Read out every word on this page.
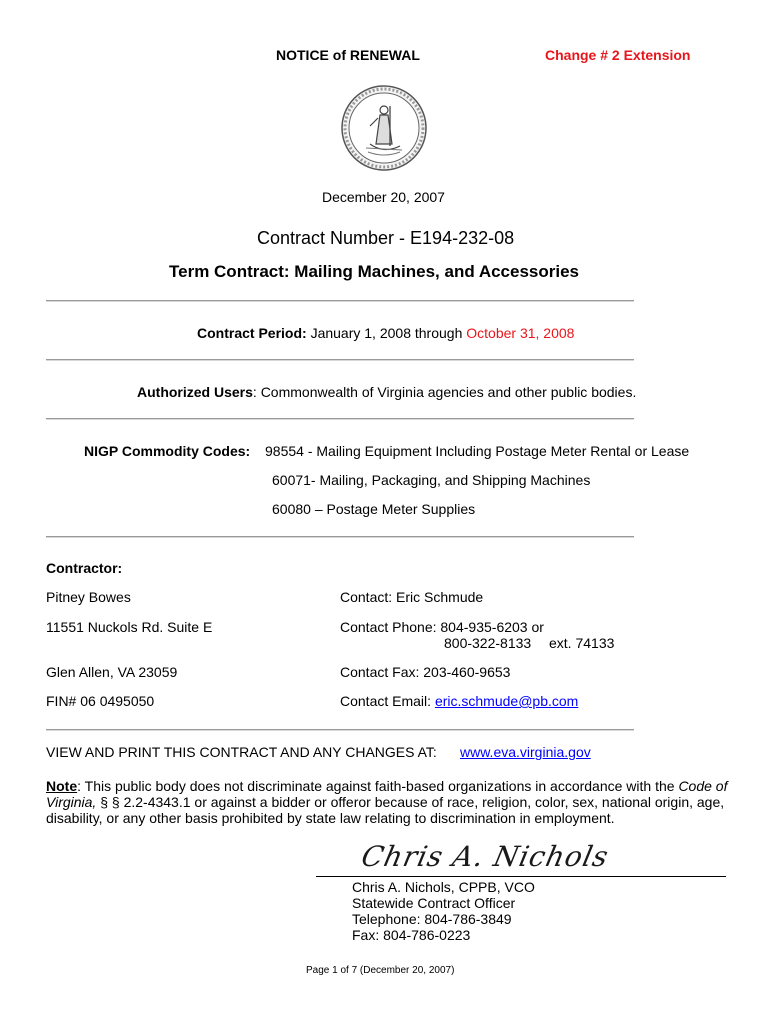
NOTICE of RENEWAL	Change # 2 Extension
December 20, 2007
Contract Number - E194-232-08
Term Contract: Mailing Machines, and Accessories
Contract Period: January 1, 2008 through October 31, 2008
Authorized Users: Commonwealth of Virginia agencies and other public bodies.
NIGP Commodity Codes: 98554 - Mailing Equipment Including Postage Meter Rental or Lease
60071- Mailing, Packaging, and Shipping Machines
60080 – Postage Meter Supplies
Contractor:
Pitney Bowes
11551 Nuckols Rd. Suite E
Glen Allen, VA 23059
FIN# 06 0495050
Contact: Eric Schmude
Contact Phone: 804-935-6203 or
800-322-8133 ext. 74133
Contact Fax: 203-460-9653
Contact Email: eric.schmude@pb.com
VIEW AND PRINT THIS CONTRACT AND ANY CHANGES AT: www.eva.virginia.gov
Note: This public body does not discriminate against faith-based organizations in accordance with the Code of Virginia, § § 2.2-4343.1 or against a bidder or offeror because of race, religion, color, sex, national origin, age, disability, or any other basis prohibited by state law relating to discrimination in employment.
Chris A. Nichols
Chris A. Nichols, CPPB, VCO
Statewide Contract Officer
Telephone: 804-786-3849
Fax: 804-786-0223
Page 1 of 7 (December 20, 2007)
